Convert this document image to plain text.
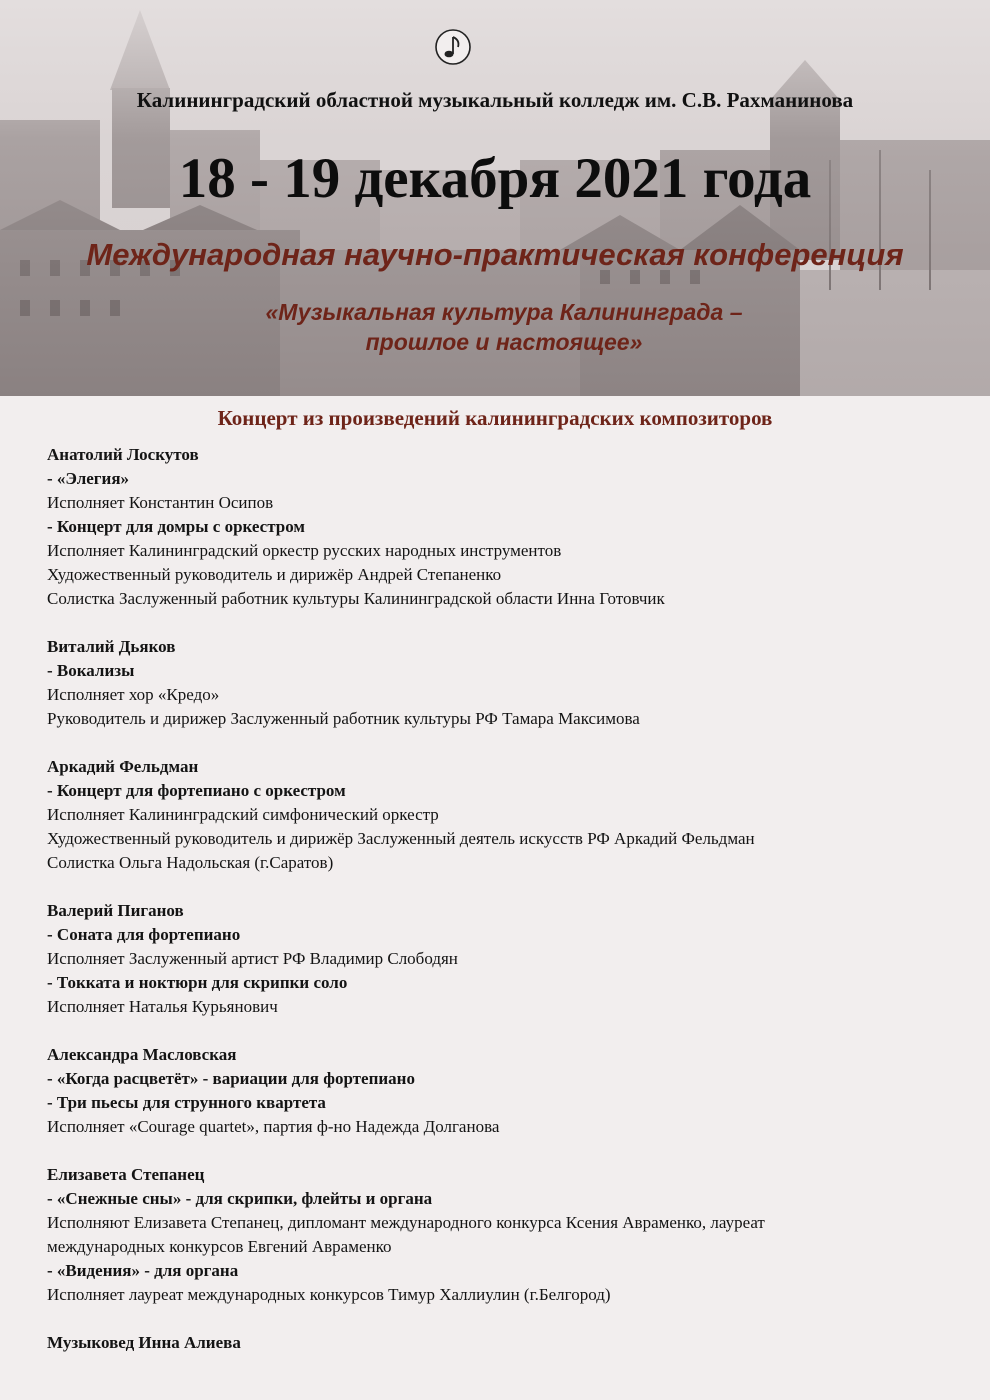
Калининградский областной музыкальный колледж им. С.В. Рахманинова
18 - 19 декабря 2021 года
Международная научно-практическая конференция
«Музыкальная культура Калининграда –
прошлое и настоящее»
Концерт из произведений калининградских композиторов
Анатолий Лоскутов
- «Элегия»
Исполняет Константин Осипов
- Концерт для домры с оркестром
Исполняет Калининградский оркестр русских народных инструментов
Художественный руководитель и дирижёр Андрей Степаненко
Солистка Заслуженный работник культуры Калининградской области Инна Готовчик
Виталий Дьяков
- Вокализы
Исполняет хор «Кредо»
Руководитель и дирижер Заслуженный работник культуры РФ Тамара Максимова
Аркадий Фельдман
- Концерт для фортепиано с оркестром
Исполняет Калининградский симфонический оркестр
Художественный руководитель и дирижёр Заслуженный деятель искусств РФ Аркадий Фельдман
Солистка Ольга Надольская (г.Саратов)
Валерий Пиганов
- Соната для фортепиано
Исполняет Заслуженный артист РФ Владимир Слободян
- Токката и ноктюрн для скрипки соло
Исполняет Наталья Курьянович
Александра Масловская
- «Когда расцветёт» - вариации для фортепиано
- Три пьесы для струнного квартета
Исполняет «Courage quartet», партия ф-но Надежда Долганова
Елизавета Степанец
- «Снежные сны» - для скрипки, флейты и органа
Исполняют Елизавета Степанец, дипломант международного конкурса Ксения Авраменко, лауреат
международных конкурсов Евгений Авраменко
- «Видения» - для органа
Исполняет лауреат международных конкурсов Тимур Халлиулин (г.Белгород)
Музыковед Инна Алиева
